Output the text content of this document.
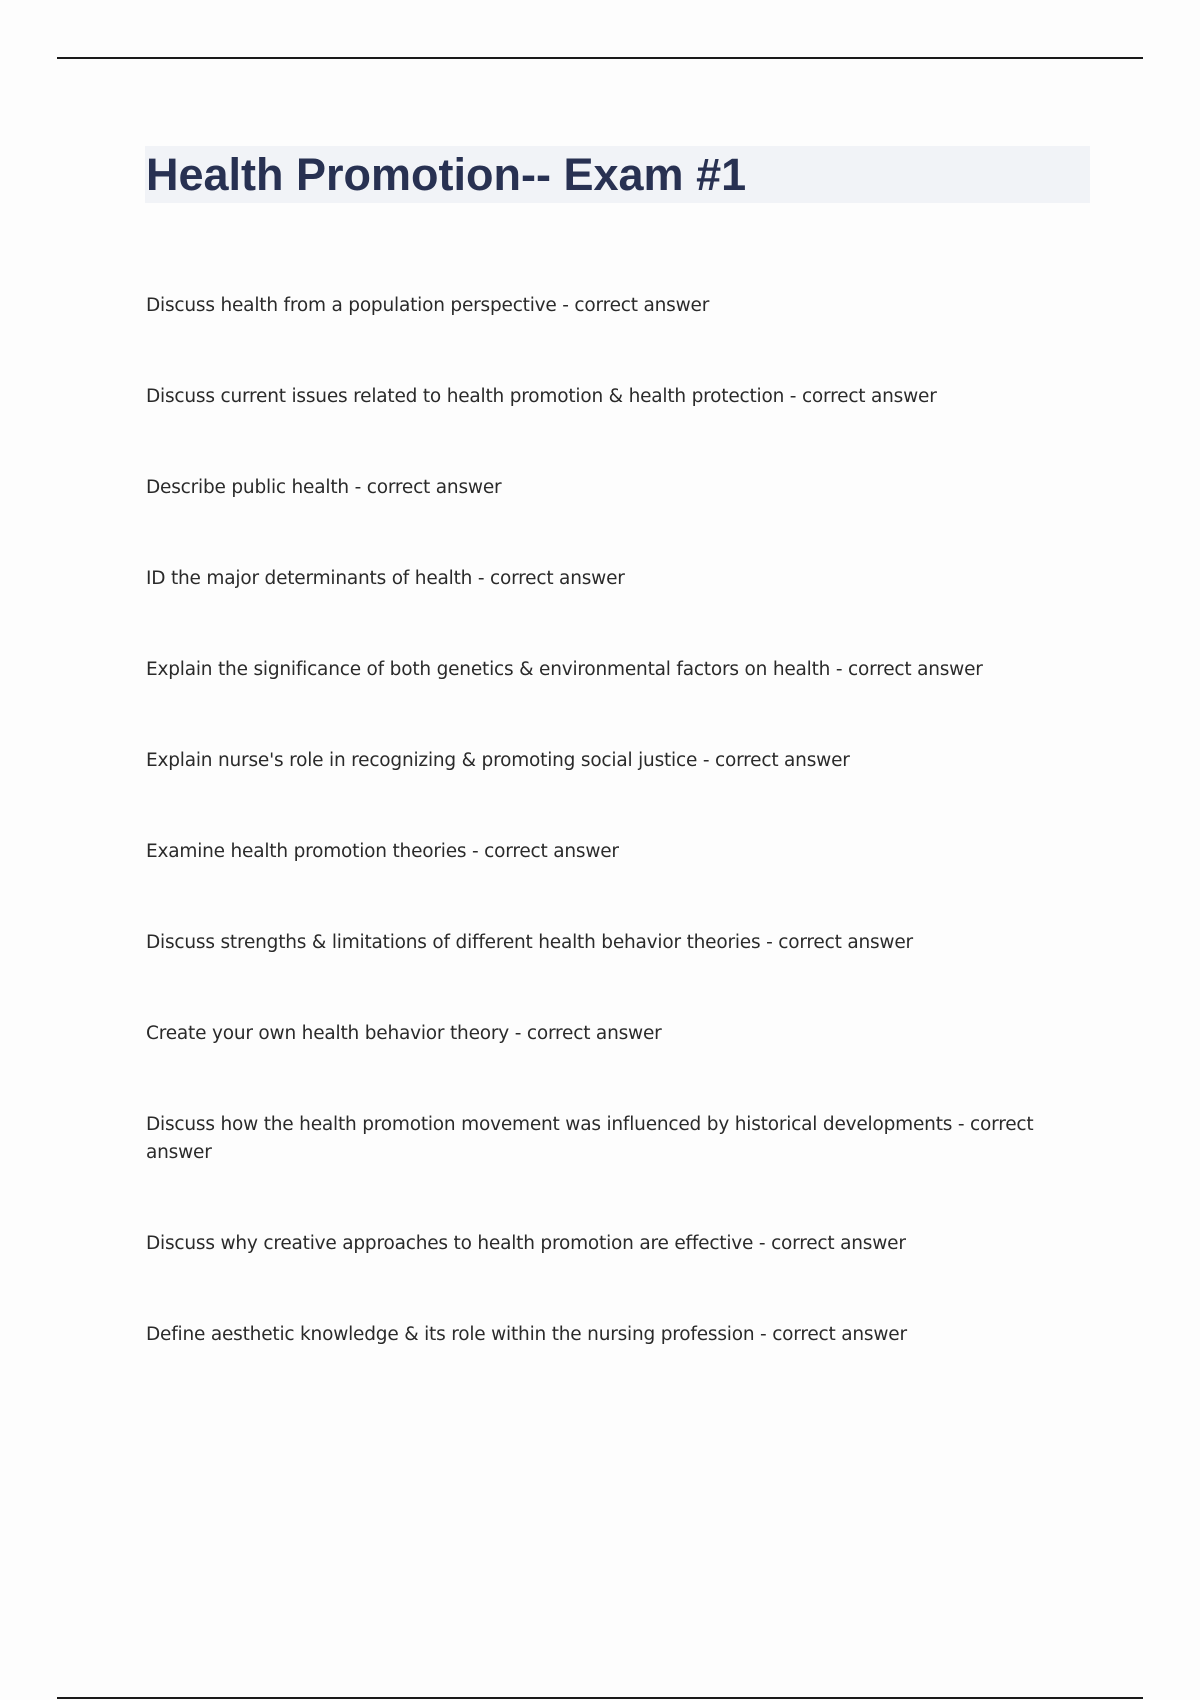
Health Promotion-- Exam #1
Discuss health from a population perspective - correct answer
Discuss current issues related to health promotion & health protection - correct answer
Describe public health - correct answer
ID the major determinants of health - correct answer
Explain the significance of both genetics & environmental factors on health - correct answer
Explain nurse's role in recognizing & promoting social justice - correct answer
Examine health promotion theories - correct answer
Discuss strengths & limitations of different health behavior theories - correct answer
Create your own health behavior theory - correct answer
Discuss how the health promotion movement was influenced by historical developments - correct answer
Discuss why creative approaches to health promotion are effective - correct answer
Define aesthetic knowledge & its role within the nursing profession - correct answer
